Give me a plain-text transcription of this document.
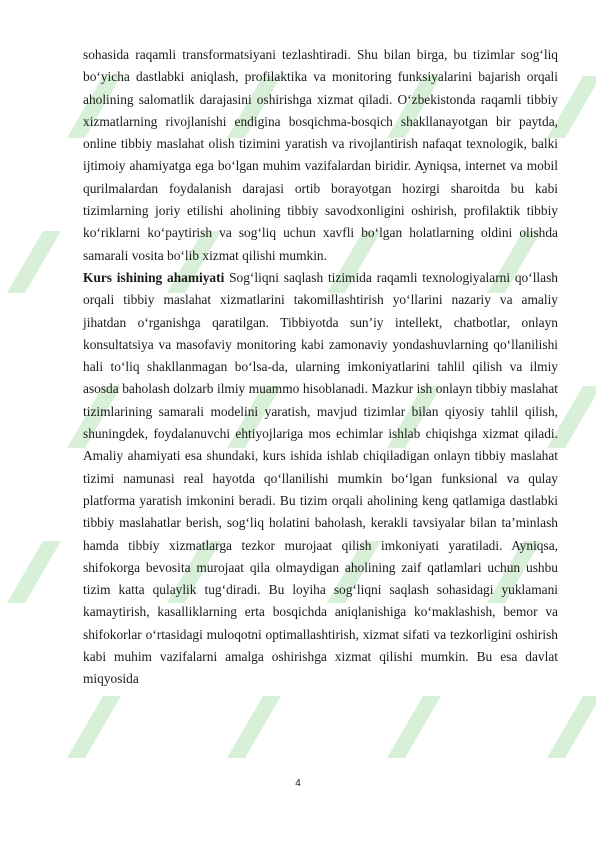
sohasida raqamli transformatsiyani tezlashtiradi. Shu bilan birga, bu tizimlar sog‘liq bo‘yicha dastlabki aniqlash, profilaktika va monitoring funksiyalarini bajarish orqali aholining salomatlik darajasini oshirishga xizmat qiladi. O‘zbekistonda raqamli tibbiy xizmatlarning rivojlanishi endigina bosqichma-bosqich shakllanayotgan bir paytda, online tibbiy maslahat olish tizimini yaratish va rivojlantirish nafaqat texnologik, balki ijtimoiy ahamiyatga ega bo‘lgan muhim vazifalardan biridir. Ayniqsa, internet va mobil qurilmalardan foydalanish darajasi ortib borayotgan hozirgi sharoitda bu kabi tizimlarning joriy etilishi aholining tibbiy savodxonligini oshirish, profilaktik tibbiy ko‘riklarni ko‘paytirish va sog‘liq uchun xavfli bo‘lgan holatlarning oldini olishda samarali vosita bo‘lib xizmat qilishi mumkin.

Kurs ishining ahamiyati Sog‘liqni saqlash tizimida raqamli texnologiyalarni qo‘llash orqali tibbiy maslahat xizmatlarini takomillashtirish yo‘llarini nazariy va amaliy jihatdan o‘rganishga qaratilgan. Tibbiyotda sun’iy intellekt, chatbotlar, onlayn konsultatsiya va masofaviy monitoring kabi zamonaviy yondashuvlarning qo‘llanilishi hali to‘liq shakllanmagan bo‘lsa-da, ularning imkoniyatlarini tahlil qilish va ilmiy asosda baholash dolzarb ilmiy muammo hisoblanadi. Mazkur ish onlayn tibbiy maslahat tizimlarining samarali modelini yaratish, mavjud tizimlar bilan qiyosiy tahlil qilish, shuningdek, foydalanuvchi ehtiyojlariga mos echimlar ishlab chiqishga xizmat qiladi. Amaliy ahamiyati esa shundaki, kurs ishida ishlab chiqiladigan onlayn tibbiy maslahat tizimi namunasi real hayotda qo‘llanilishi mumkin bo‘lgan funksional va qulay platforma yaratish imkonini beradi. Bu tizim orqali aholining keng qatlamiga dastlabki tibbiy maslahatlar berish, sog‘liq holatini baholash, kerakli tavsiyalar bilan ta’minlash hamda tibbiy xizmatlarga tezkor murojaat qilish imkoniyati yaratiladi. Ayniqsa, shifokorga bevosita murojaat qila olmaydigan aholining zaif qatlamlari uchun ushbu tizim katta qulaylik tug‘diradi. Bu loyiha sog‘liqni saqlash sohasidagi yuklamani kamaytirish, kasalliklarning erta bosqichda aniqlanishiga ko‘maklashish, bemor va shifokorlar o‘rtasidagi muloqotni optimallashtirish, xizmat sifati va tezkorligini oshirish kabi muhim vazifalarni amalga oshirishga xizmat qilishi mumkin. Bu esa davlat miqyosida

4
